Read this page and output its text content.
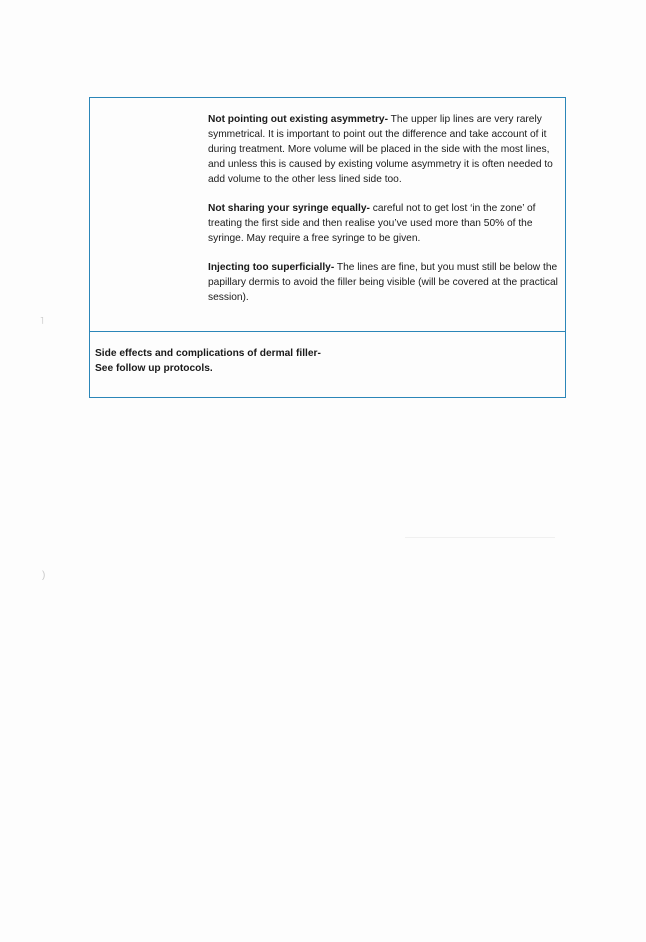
˥
)

Not pointing out existing asymmetry- The upper lip lines are very rarely symmetrical. It is important to point out the difference and take account of it during treatment. More volume will be placed in the side with the most lines, and unless this is caused by existing volume asymmetry it is often needed to add volume to the other less lined side too.

Not sharing your syringe equally- careful not to get lost ‘in the zone’ of treating the first side and then realise you’ve used more than 50% of the syringe. May require a free syringe to be given.

Injecting too superficially- The lines are fine, but you must still be below the papillary dermis to avoid the filler being visible (will be covered at the practical session).

Side effects and complications of dermal filler-
See follow up protocols.
